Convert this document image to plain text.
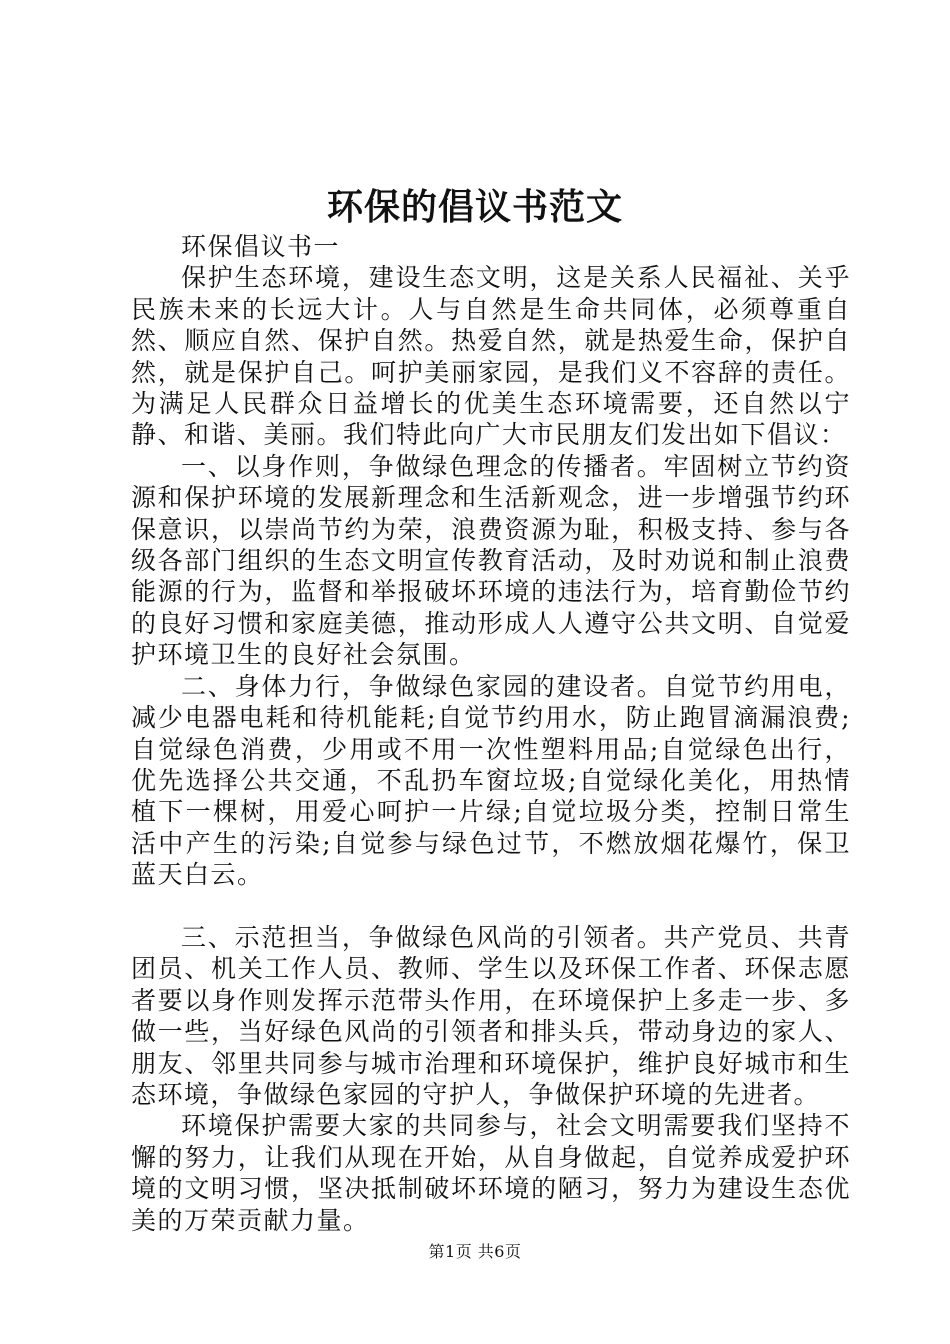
环保的倡议书范文

环保倡议书一

保护生态环境，建设生态文明，这是关系人民福祉、关乎民族未来的长远大计。人与自然是生命共同体，必须尊重自然、顺应自然、保护自然。热爱自然，就是热爱生命，保护自然，就是保护自己。呵护美丽家园，是我们义不容辞的责任。为满足人民群众日益增长的优美生态环境需要，还自然以宁静、和谐、美丽。我们特此向广大市民朋友们发出如下倡议：

一、以身作则，争做绿色理念的传播者。牢固树立节约资源和保护环境的发展新理念和生活新观念，进一步增强节约环保意识，以崇尚节约为荣，浪费资源为耻，积极支持、参与各级各部门组织的生态文明宣传教育活动，及时劝说和制止浪费能源的行为，监督和举报破坏环境的违法行为，培育勤俭节约的良好习惯和家庭美德，推动形成人人遵守公共文明、自觉爱护环境卫生的良好社会氛围。

二、身体力行，争做绿色家园的建设者。自觉节约用电，减少电器电耗和待机能耗;自觉节约用水，防止跑冒滴漏浪费;自觉绿色消费，少用或不用一次性塑料用品;自觉绿色出行，优先选择公共交通，不乱扔车窗垃圾;自觉绿化美化，用热情植下一棵树，用爱心呵护一片绿;自觉垃圾分类，控制日常生活中产生的污染;自觉参与绿色过节，不燃放烟花爆竹，保卫蓝天白云。

三、示范担当，争做绿色风尚的引领者。共产党员、共青团员、机关工作人员、教师、学生以及环保工作者、环保志愿者要以身作则发挥示范带头作用，在环境保护上多走一步、多做一些，当好绿色风尚的引领者和排头兵，带动身边的家人、朋友、邻里共同参与城市治理和环境保护，维护良好城市和生态环境，争做绿色家园的守护人，争做保护环境的先进者。

环境保护需要大家的共同参与，社会文明需要我们坚持不懈的努力，让我们从现在开始，从自身做起，自觉养成爱护环境的文明习惯，坚决抵制破坏环境的陋习，努力为建设生态优美的万荣贡献力量。

第1页 共6页
